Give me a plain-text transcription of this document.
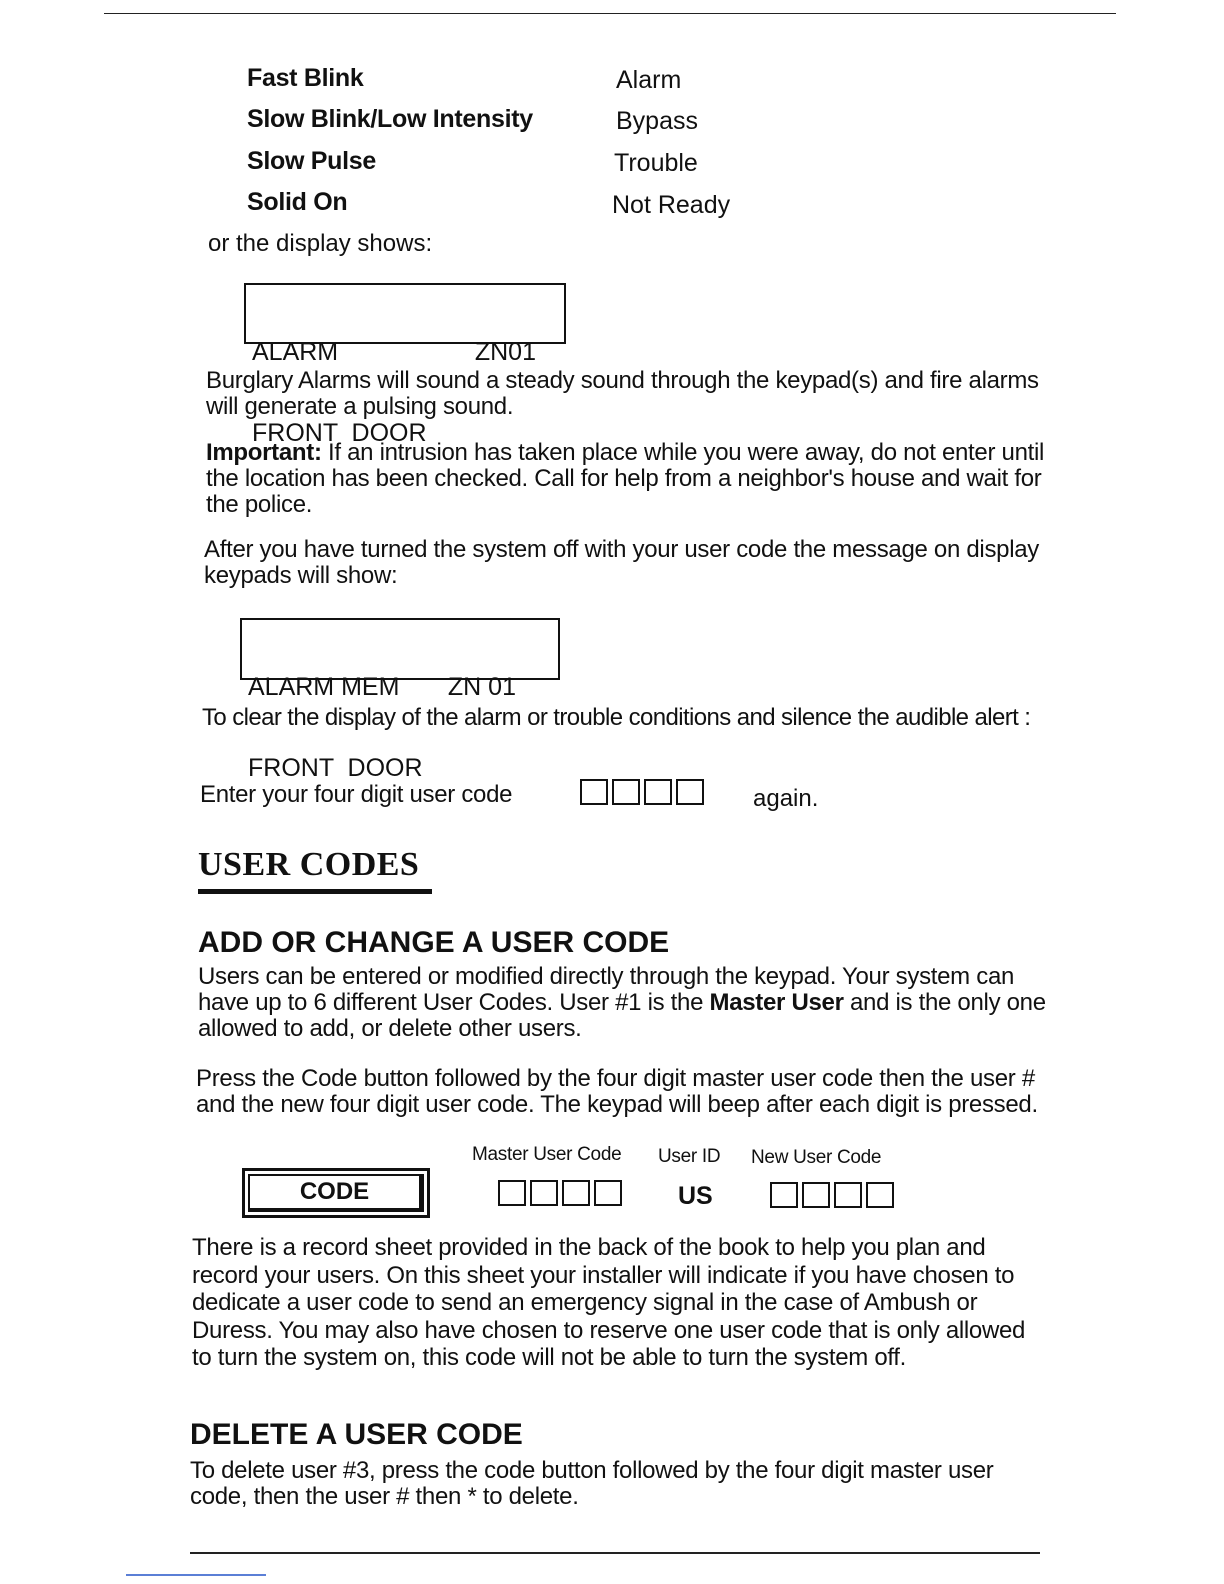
Fast Blink	Alarm
Slow Blink/Low Intensity	Bypass
Slow Pulse	Trouble
Solid On	Not Ready
or the display shows:

ALARM	ZN01

FRONT  DOOR

Burglary Alarms will sound a steady sound through the keypad(s) and fire alarms will generate a pulsing sound.

Important: If an intrusion has taken place while you were away, do not enter until the location has been checked. Call for help from a neighbor's house and wait for the police.

After you have turned the system off with your user code the message on display keypads will show:

ALARM MEM ZN 01

FRONT  DOOR

To clear the display of the alarm or trouble conditions and silence the audible alert :

Enter your four digit user code	again.
USER CODES
ADD OR CHANGE A USER CODE

Users can be entered or modified directly through the keypad. Your system can have up to 6 different User Codes. User #1 is the Master User and is the only one allowed to add, or delete other users.

Press the Code button followed by the four digit master user code then the user # and the new four digit user code. The keypad will beep after each digit is pressed.

Master User Code User ID New User Code
CODE	US

There is a record sheet provided in the back of the book to help you plan and record your users. On this sheet your installer will indicate if you have chosen to dedicate a user code to send an emergency signal in the case of Ambush or Duress. You may also have chosen to reserve one user code that is only allowed to turn the system on, this code will not be able to turn the system off.

DELETE A USER CODE

To delete user #3, press the code button followed by the four digit master user code, then the user # then * to delete.
